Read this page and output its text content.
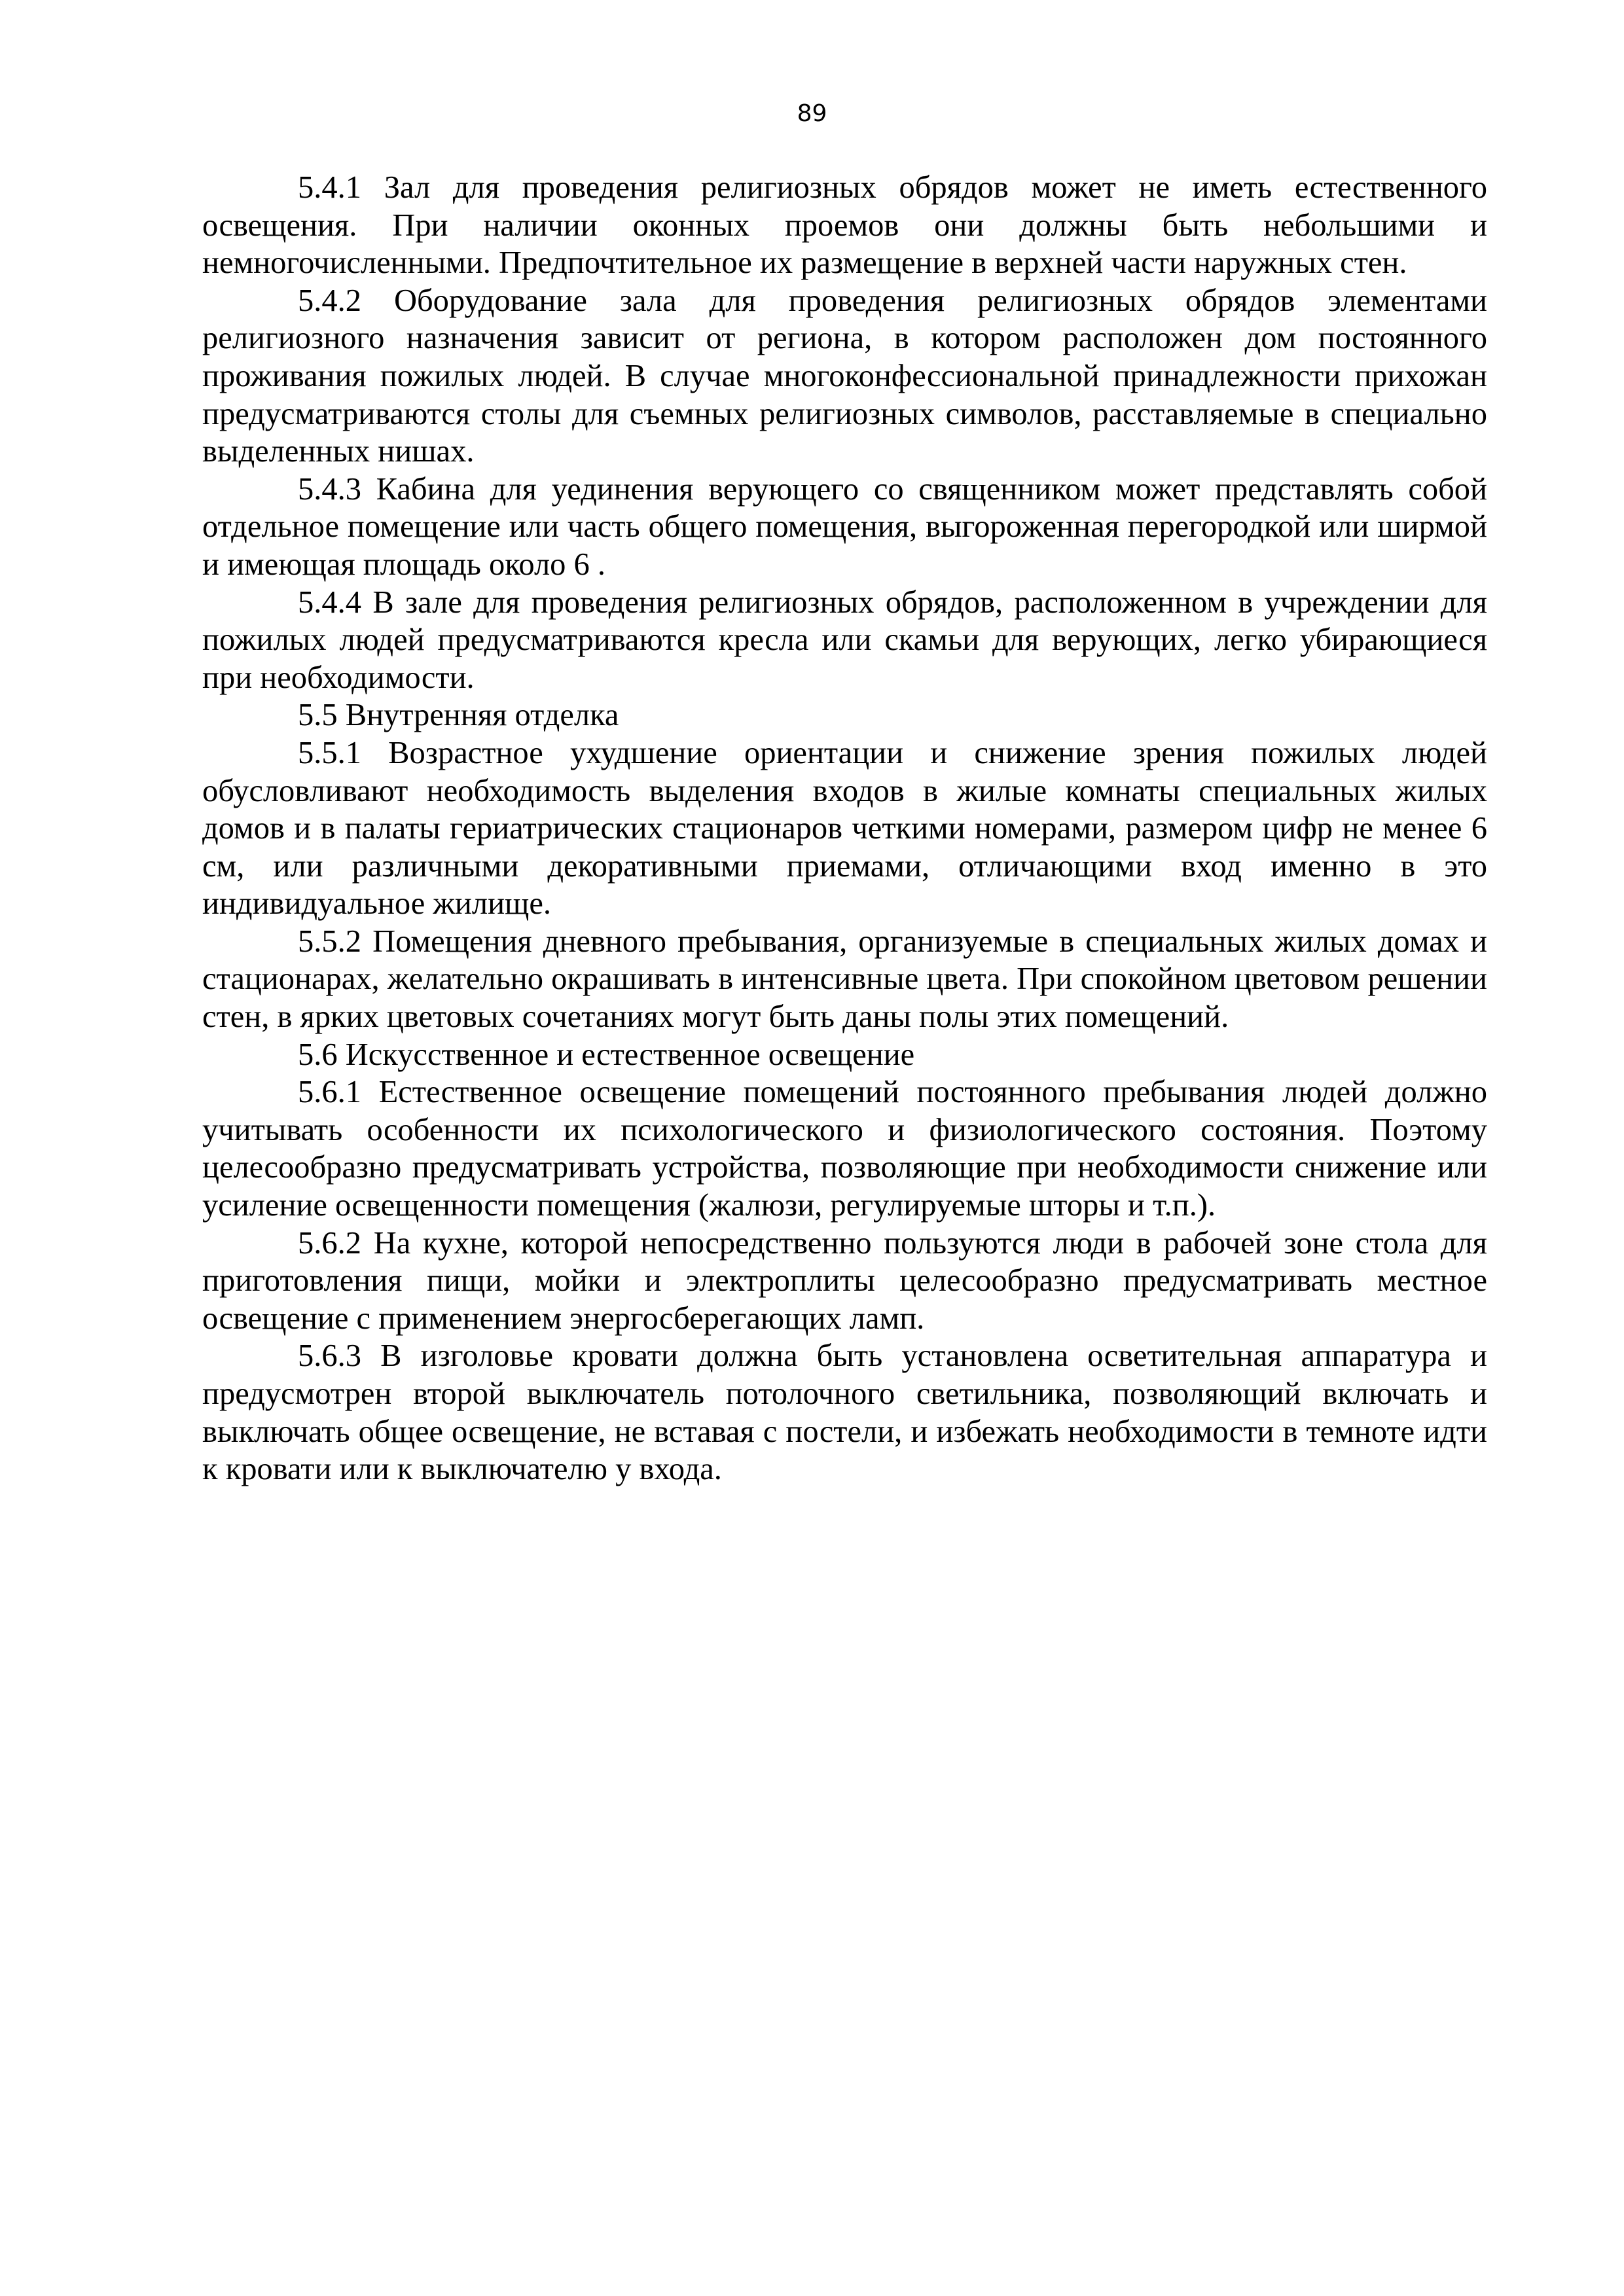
89

5.4.1 Зал для проведения религиозных обрядов может не иметь естественного освещения. При наличии оконных проемов они должны быть небольшими и немногочисленными. Предпочтительное их размещение в верхней части наружных стен.

5.4.2 Оборудование зала для проведения религиозных обрядов элементами религиозного назначения зависит от региона, в котором расположен дом постоянного проживания пожилых людей. В случае многоконфессиональной принадлежности прихожан предусматриваются столы для съемных религиозных символов, расставляемые в специально выделенных нишах.

5.4.3 Кабина для уединения верующего со священником может представлять собой отдельное помещение или часть общего помещения, выгороженная перегородкой или ширмой и имеющая площадь около 6 .

5.4.4 В зале для проведения религиозных обрядов, расположенном в учреждении для пожилых людей предусматриваются кресла или скамьи для верующих, легко убирающиеся при необходимости.

5.5 Внутренняя отделка

5.5.1 Возрастное ухудшение ориентации и снижение зрения пожилых людей обусловливают необходимость выделения входов в жилые комнаты специальных жилых домов и в палаты гериатрических стационаров четкими номерами, размером цифр не менее 6 см, или различными декоративными приемами, отличающими вход именно в это индивидуальное жилище.

5.5.2 Помещения дневного пребывания, организуемые в специальных жилых домах и стационарах, желательно окрашивать в интенсивные цвета. При спокойном цветовом решении стен, в ярких цветовых сочетаниях могут быть даны полы этих помещений.

5.6 Искусственное и естественное освещение

5.6.1 Естественное освещение помещений постоянного пребывания людей должно учитывать особенности их психологического и физиологического состояния. Поэтому целесообразно предусматривать устройства, позволяющие при необходимости снижение или усиление освещенности помещения (жалюзи, регулируемые шторы и т.п.).

5.6.2 На кухне, которой непосредственно пользуются люди в рабочей зоне стола для приготовления пищи, мойки и электроплиты целесообразно предусматривать местное освещение с применением энергосберегающих ламп.

5.6.3 В изголовье кровати должна быть установлена осветительная аппаратура и предусмотрен второй выключатель потолочного светильника, позволяющий включать и выключать общее освещение, не вставая с постели, и избежать необходимости в темноте идти к кровати или к выключателю у входа.
